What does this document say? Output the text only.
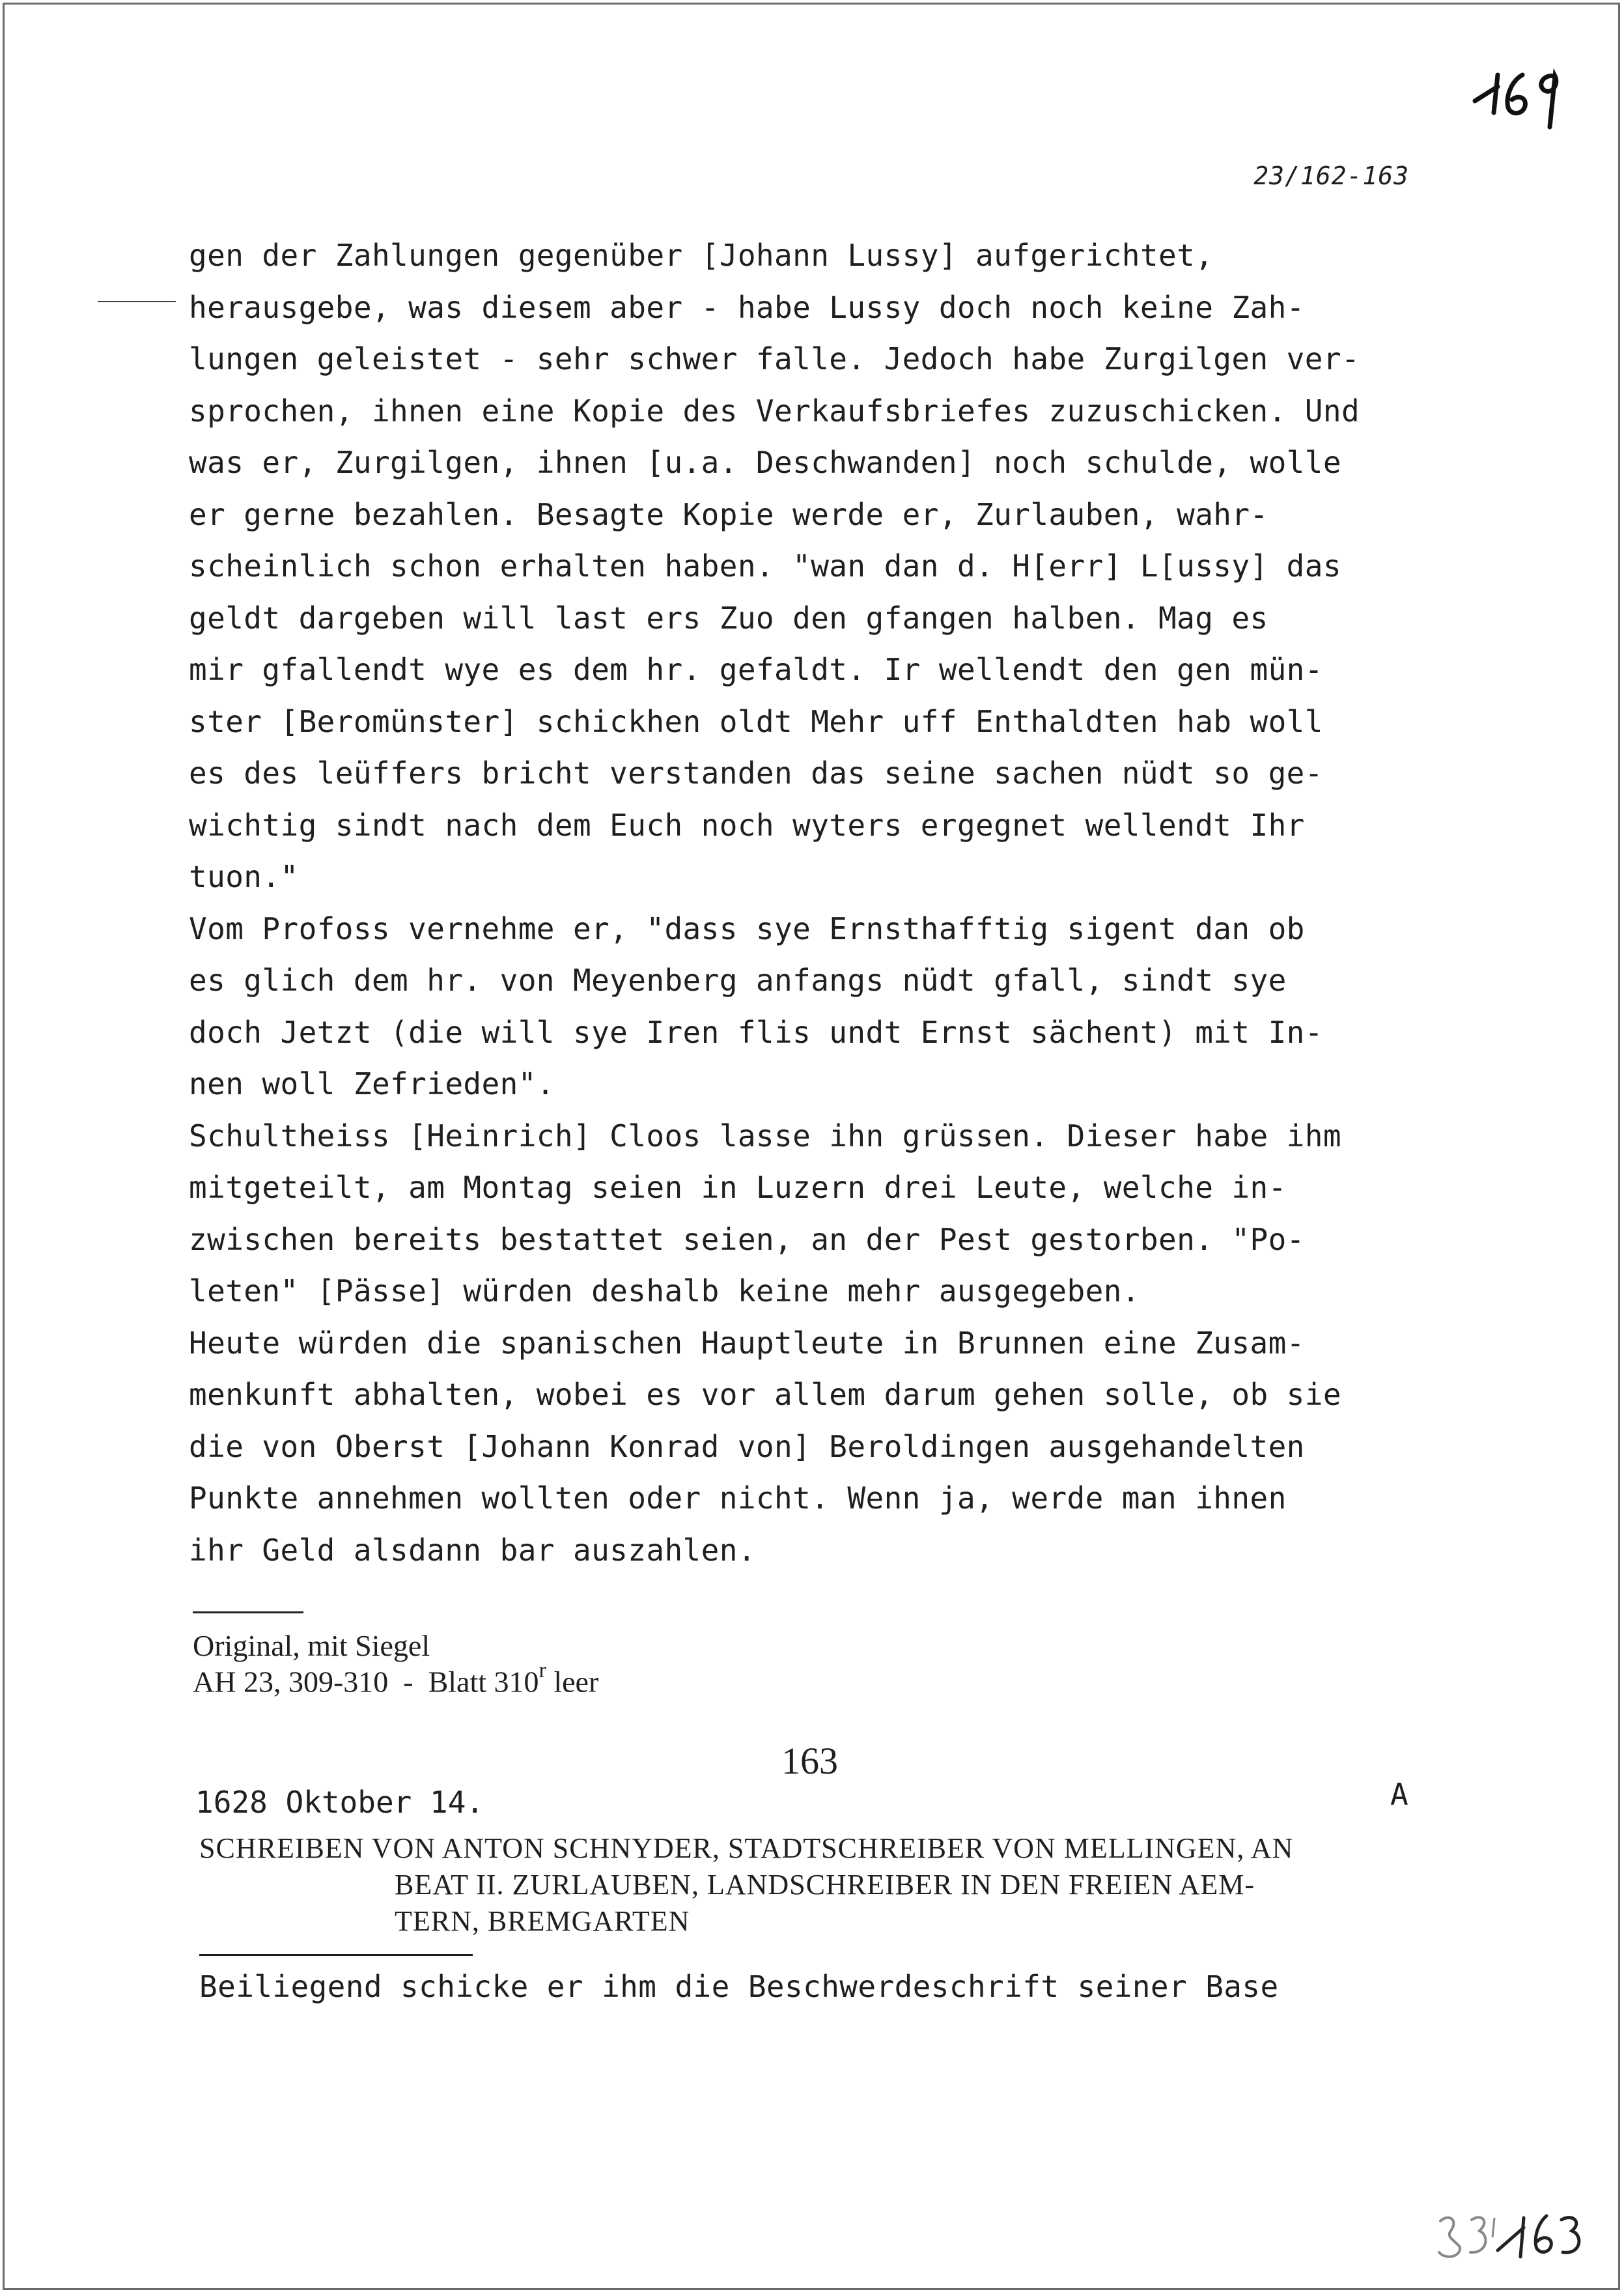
23/162-163
gen der Zahlungen gegenüber [Johann Lussy] aufgerichtet,
herausgebe, was diesem aber - habe Lussy doch noch keine Zah-
lungen geleistet - sehr schwer falle. Jedoch habe Zurgilgen ver-
sprochen, ihnen eine Kopie des Verkaufsbriefes zuzuschicken. Und
was er, Zurgilgen, ihnen [u.a. Deschwanden] noch schulde, wolle
er gerne bezahlen. Besagte Kopie werde er, Zurlauben, wahr-
scheinlich schon erhalten haben. "wan dan d. H[err] L[ussy] das
geldt dargeben will last ers Zuo den gfangen halben. Mag es
mir gfallendt wye es dem hr. gefaldt. Ir wellendt den gen mün-
ster [Beromünster] schickhen oldt Mehr uff Enthaldten hab woll
es des leüffers bricht verstanden das seine sachen nüdt so ge-
wichtig sindt nach dem Euch noch wyters ergegnet wellendt Ihr
tuon."
Vom Profoss vernehme er, "dass sye Ernsthafftig sigent dan ob
es glich dem hr. von Meyenberg anfangs nüdt gfall, sindt sye
doch Jetzt (die will sye Iren flis undt Ernst sächent) mit In-
nen woll Zefrieden".
Schultheiss [Heinrich] Cloos lasse ihn grüssen. Dieser habe ihm
mitgeteilt, am Montag seien in Luzern drei Leute, welche in-
zwischen bereits bestattet seien, an der Pest gestorben. "Po-
leten" [Pässe] würden deshalb keine mehr ausgegeben.
Heute würden die spanischen Hauptleute in Brunnen eine Zusam-
menkunft abhalten, wobei es vor allem darum gehen solle, ob sie
die von Oberst [Johann Konrad von] Beroldingen ausgehandelten
Punkte annehmen wollten oder nicht. Wenn ja, werde man ihnen
ihr Geld alsdann bar auszahlen.
Original, mit Siegel
AH 23, 309-310  -  Blatt 310$^r$ leer
163
1628 Oktober 14.	A
SCHREIBEN VON ANTON SCHNYDER, STADTSCHREIBER VON MELLINGEN, AN
BEAT II. ZURLAUBEN, LANDSCHREIBER IN DEN FREIEN AEM-
TERN, BREMGARTEN
Beiliegend schicke er ihm die Beschwerdeschrift seiner Base
